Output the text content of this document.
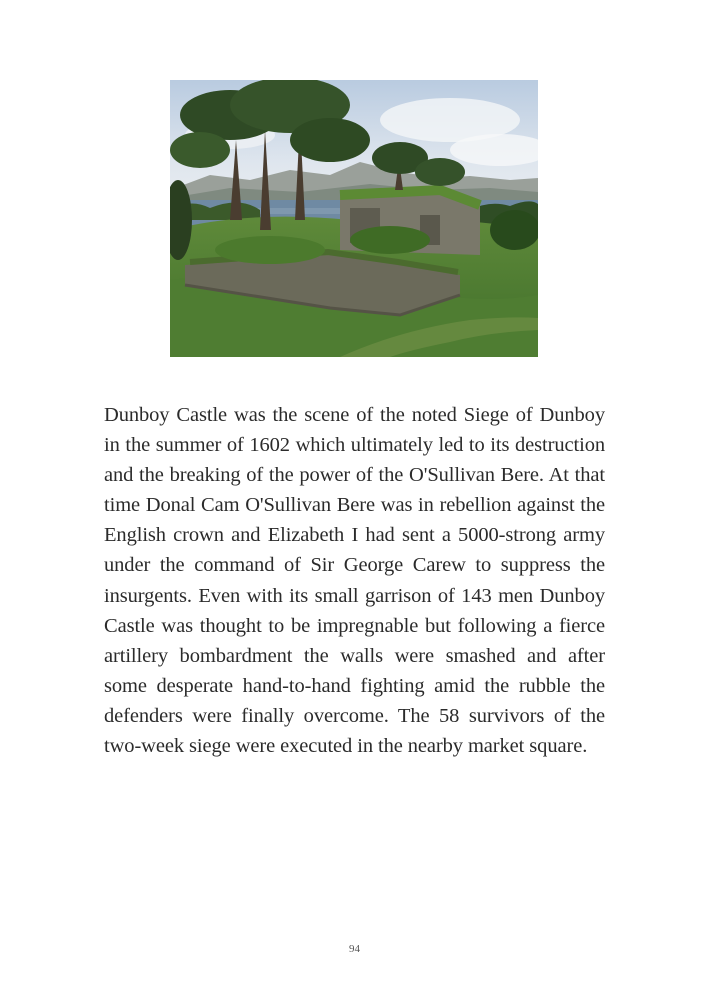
Dunboy Castle was the scene of the noted Siege of Dunboy in the summer of 1602 which ultimately led to its destruction and the breaking of the power of the O'Sullivan Bere. At that time Donal Cam O'Sullivan Bere was in rebellion against the English crown and Elizabeth I had sent a 5000-strong army under the command of Sir George Carew to suppress the insurgents. Even with its small garrison of 143 men Dunboy Castle was thought to be impregnable but following a fierce artillery bombardment the walls were smashed and after some desperate hand-to-hand fighting amid the rubble the defenders were finally overcome. The 58 survivors of the two-week siege were executed in the nearby market square.

94
